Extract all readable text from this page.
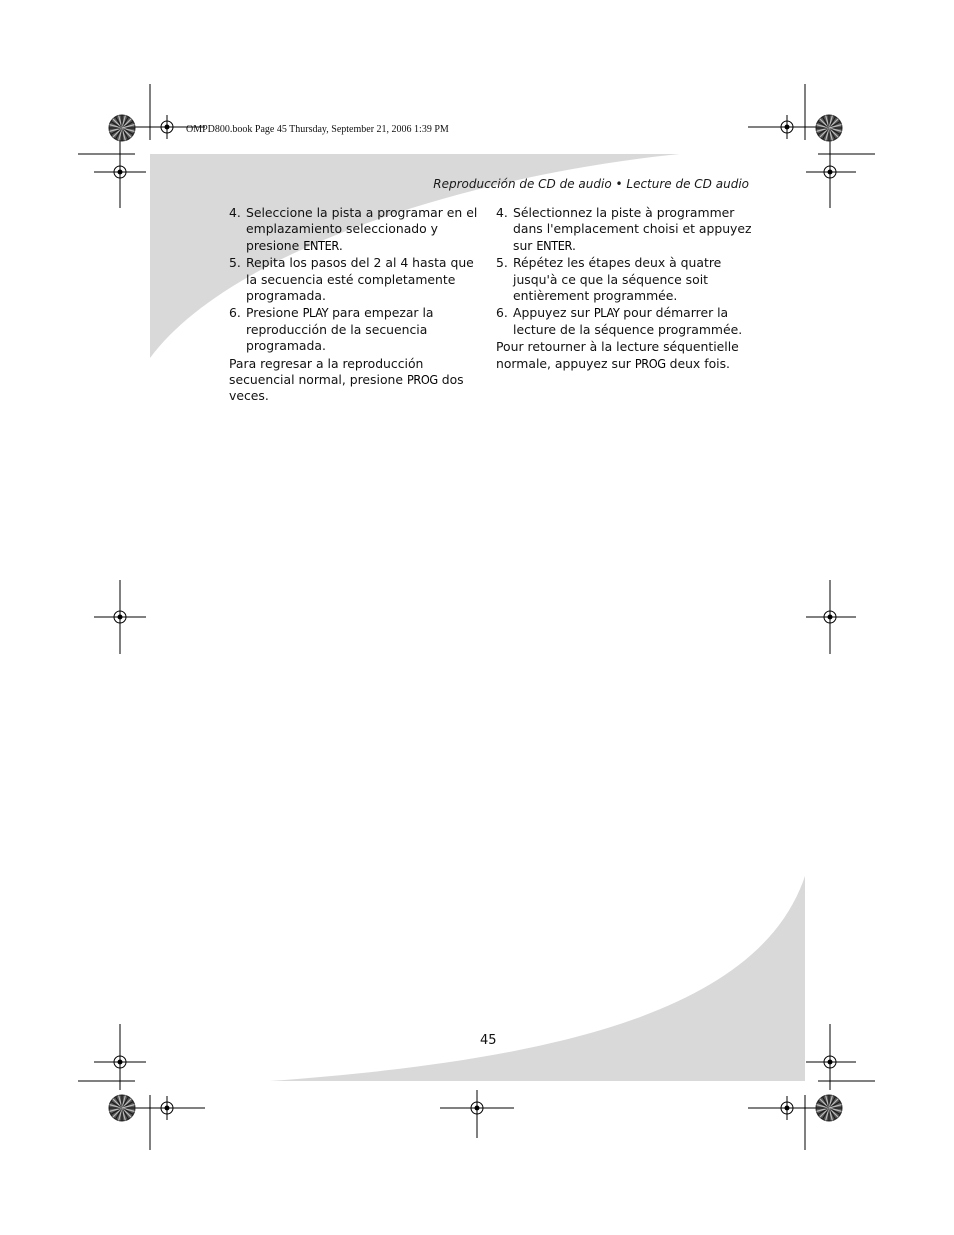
OMPD800.book Page 45 Thursday, September 21, 2006 1:39 PM
Reproducción de CD de audio • Lecture de CD audio
4. Seleccione la pista a programar en el emplazamiento seleccionado y presione ENTER.
5. Repita los pasos del 2 al 4 hasta que la secuencia esté completamente programada.
6. Presione PLAY para empezar la reproducción de la secuencia programada.

Para regresar a la reproducción secuencial normal, presione PROG dos veces.

4. Sélectionnez la piste à programmer dans l'emplacement choisi et appuyez sur ENTER.
5. Répétez les étapes deux à quatre jusqu'à ce que la séquence soit entièrement programmée.
6. Appuyez sur PLAY pour démarrer la lecture de la séquence programmée.

Pour retourner à la lecture séquentielle normale, appuyez sur PROG deux fois.

45
